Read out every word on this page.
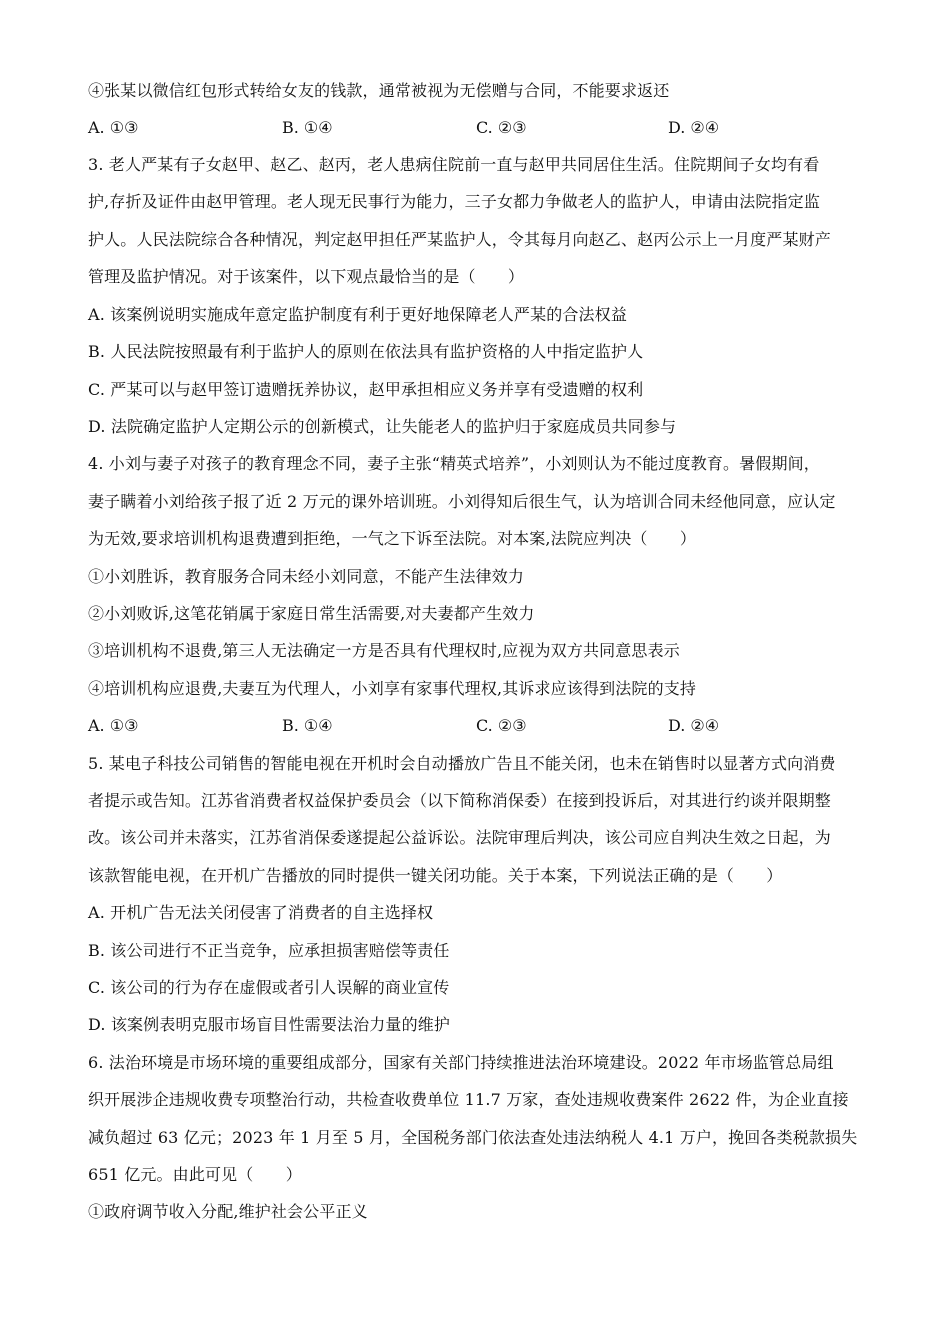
④张某以微信红包形式转给女友的钱款，通常被视为无偿赠与合同，不能要求返还
A. ①③	B. ①④	C. ②③	D. ②④
3. 老人严某有子女赵甲、赵乙、赵丙，老人患病住院前一直与赵甲共同居住生活。住院期间子女均有看
护,存折及证件由赵甲管理。老人现无民事行为能力，三子女都力争做老人的监护人，申请由法院指定监
护人。人民法院综合各种情况，判定赵甲担任严某监护人，令其每月向赵乙、赵丙公示上一月度严某财产
管理及监护情况。对于该案件，以下观点最恰当的是（　　）
A. 该案例说明实施成年意定监护制度有利于更好地保障老人严某的合法权益
B. 人民法院按照最有利于监护人的原则在依法具有监护资格的人中指定监护人
C. 严某可以与赵甲签订遗赠抚养协议，赵甲承担相应义务并享有受遗赠的权利
D. 法院确定监护人定期公示的创新模式，让失能老人的监护归于家庭成员共同参与
4. 小刘与妻子对孩子的教育理念不同，妻子主张“精英式培养”，小刘则认为不能过度教育。暑假期间，
妻子瞒着小刘给孩子报了近 2 万元的课外培训班。小刘得知后很生气，认为培训合同未经他同意，应认定
为无效,要求培训机构退费遭到拒绝，一气之下诉至法院。对本案,法院应判决（　　）
①小刘胜诉，教育服务合同未经小刘同意，不能产生法律效力
②小刘败诉,这笔花销属于家庭日常生活需要,对夫妻都产生效力
③培训机构不退费,第三人无法确定一方是否具有代理权时,应视为双方共同意思表示
④培训机构应退费,夫妻互为代理人，小刘享有家事代理权,其诉求应该得到法院的支持
A. ①③	B. ①④	C. ②③	D. ②④
5. 某电子科技公司销售的智能电视在开机时会自动播放广告且不能关闭，也未在销售时以显著方式向消费
者提示或告知。江苏省消费者权益保护委员会（以下简称消保委）在接到投诉后，对其进行约谈并限期整
改。该公司并未落实，江苏省消保委遂提起公益诉讼。法院审理后判决，该公司应自判决生效之日起，为
该款智能电视，在开机广告播放的同时提供一键关闭功能。关于本案，下列说法正确的是（　　）
A. 开机广告无法关闭侵害了消费者的自主选择权
B. 该公司进行不正当竞争，应承担损害赔偿等责任
C. 该公司的行为存在虚假或者引人误解的商业宣传
D. 该案例表明克服市场盲目性需要法治力量的维护
6. 法治环境是市场环境的重要组成部分，国家有关部门持续推进法治环境建设。2022 年市场监管总局组
织开展涉企违规收费专项整治行动，共检查收费单位 11.7 万家，查处违规收费案件 2622 件，为企业直接
减负超过 63 亿元；2023 年 1 月至 5 月，全国税务部门依法查处违法纳税人 4.1 万户，挽回各类税款损失
651 亿元。由此可见（　　）
①政府调节收入分配,维护社会公平正义
